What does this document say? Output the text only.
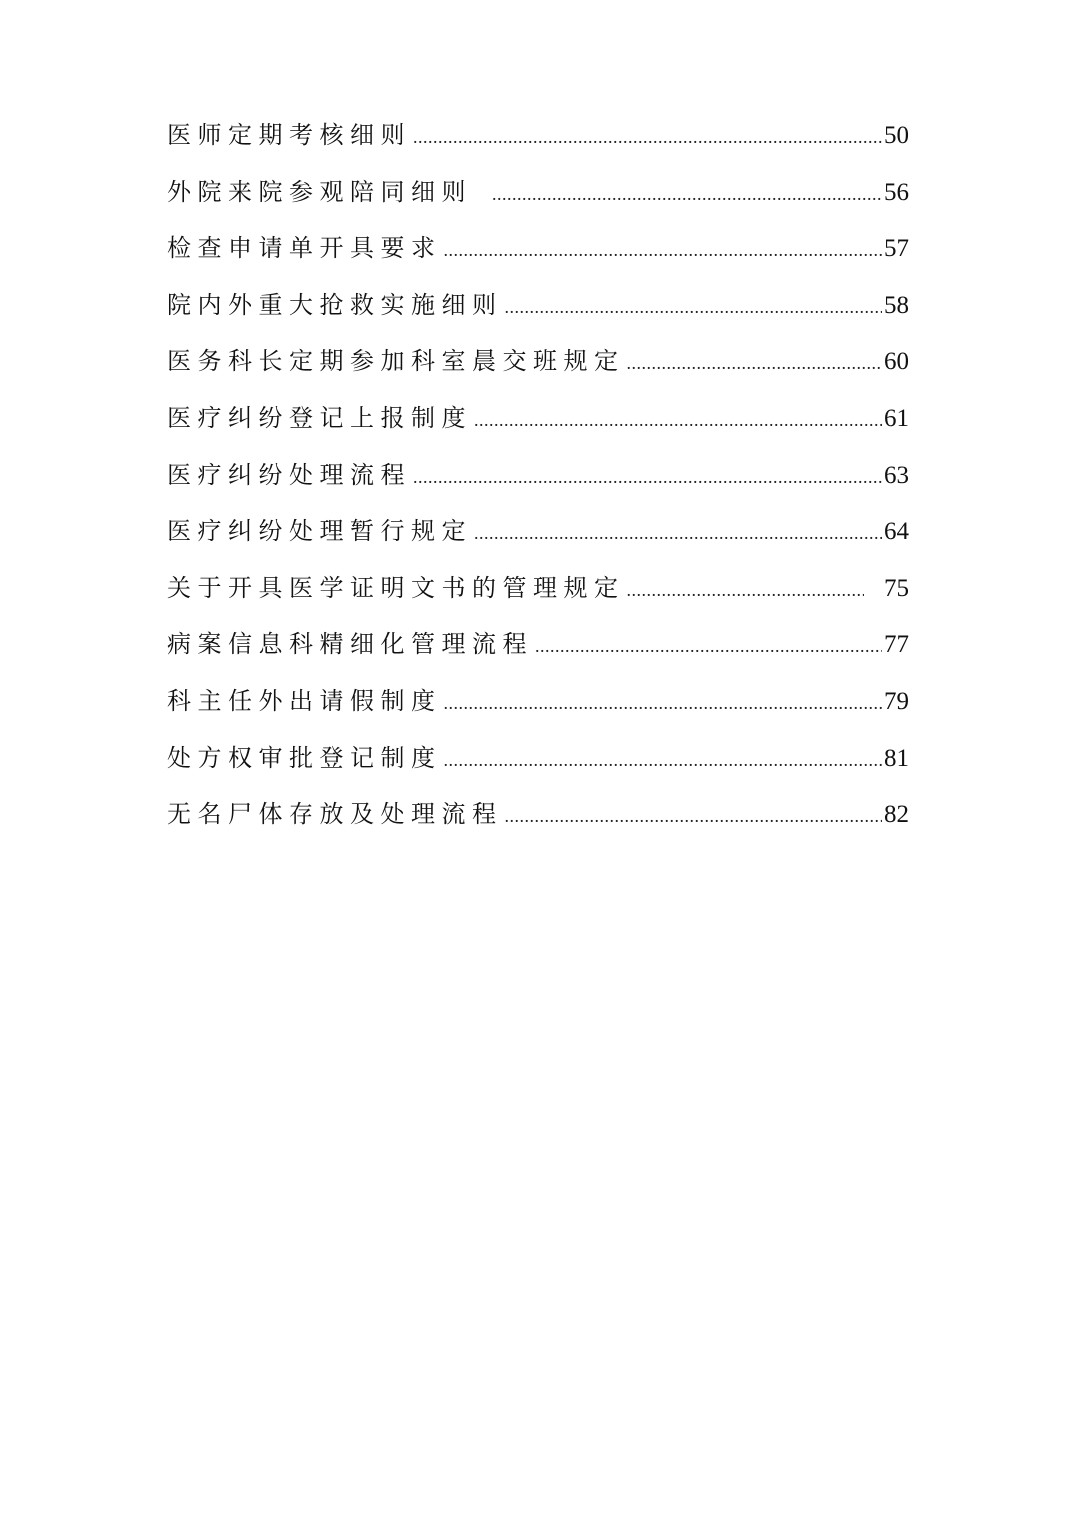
医师定期考核细则 .....	50
外院来院参观陪同细则 .....	56
检查申请单开具要求 .....	57
院内外重大抢救实施细则 .....	58
医务科长定期参加科室晨交班规定 .....	60
医疗纠纷登记上报制度 .....	61
医疗纠纷处理流程 .....	63
医疗纠纷处理暂行规定 .....	64
关于开具医学证明文书的管理规定 .....	75
病案信息科精细化管理流程 .....	77
科主任外出请假制度 .....	79
处方权审批登记制度 .....	81
无名尸体存放及处理流程 .....	82
